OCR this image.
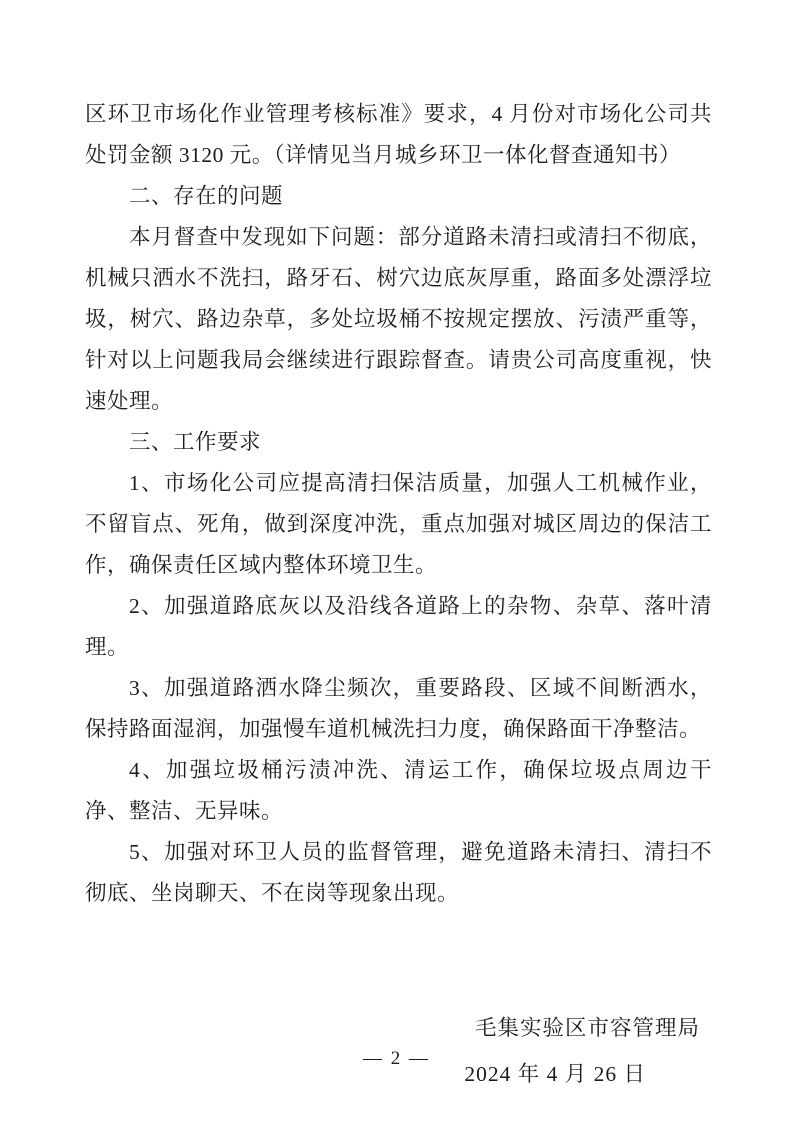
区环卫市场化作业管理考核标准》要求，4 月份对市场化公司共处罚金额 3120 元。（详情见当月城乡环卫一体化督查通知书）

二、存在的问题

本月督查中发现如下问题：部分道路未清扫或清扫不彻底，机械只洒水不洗扫，路牙石、树穴边底灰厚重，路面多处漂浮垃圾，树穴、路边杂草，多处垃圾桶不按规定摆放、污渍严重等，针对以上问题我局会继续进行跟踪督查。请贵公司高度重视，快速处理。

三、工作要求

1、市场化公司应提高清扫保洁质量，加强人工机械作业，不留盲点、死角，做到深度冲洗，重点加强对城区周边的保洁工作，确保责任区域内整体环境卫生。

2、加强道路底灰以及沿线各道路上的杂物、杂草、落叶清理。

3、加强道路洒水降尘频次，重要路段、区域不间断洒水，保持路面湿润，加强慢车道机械洗扫力度，确保路面干净整洁。

4、加强垃圾桶污渍冲洗、清运工作，确保垃圾点周边干净、整洁、无异味。

5、加强对环卫人员的监督管理，避免道路未清扫、清扫不彻底、坐岗聊天、不在岗等现象出现。

毛集实验区市容管理局

2024 年 4 月 26 日

— 2 —
